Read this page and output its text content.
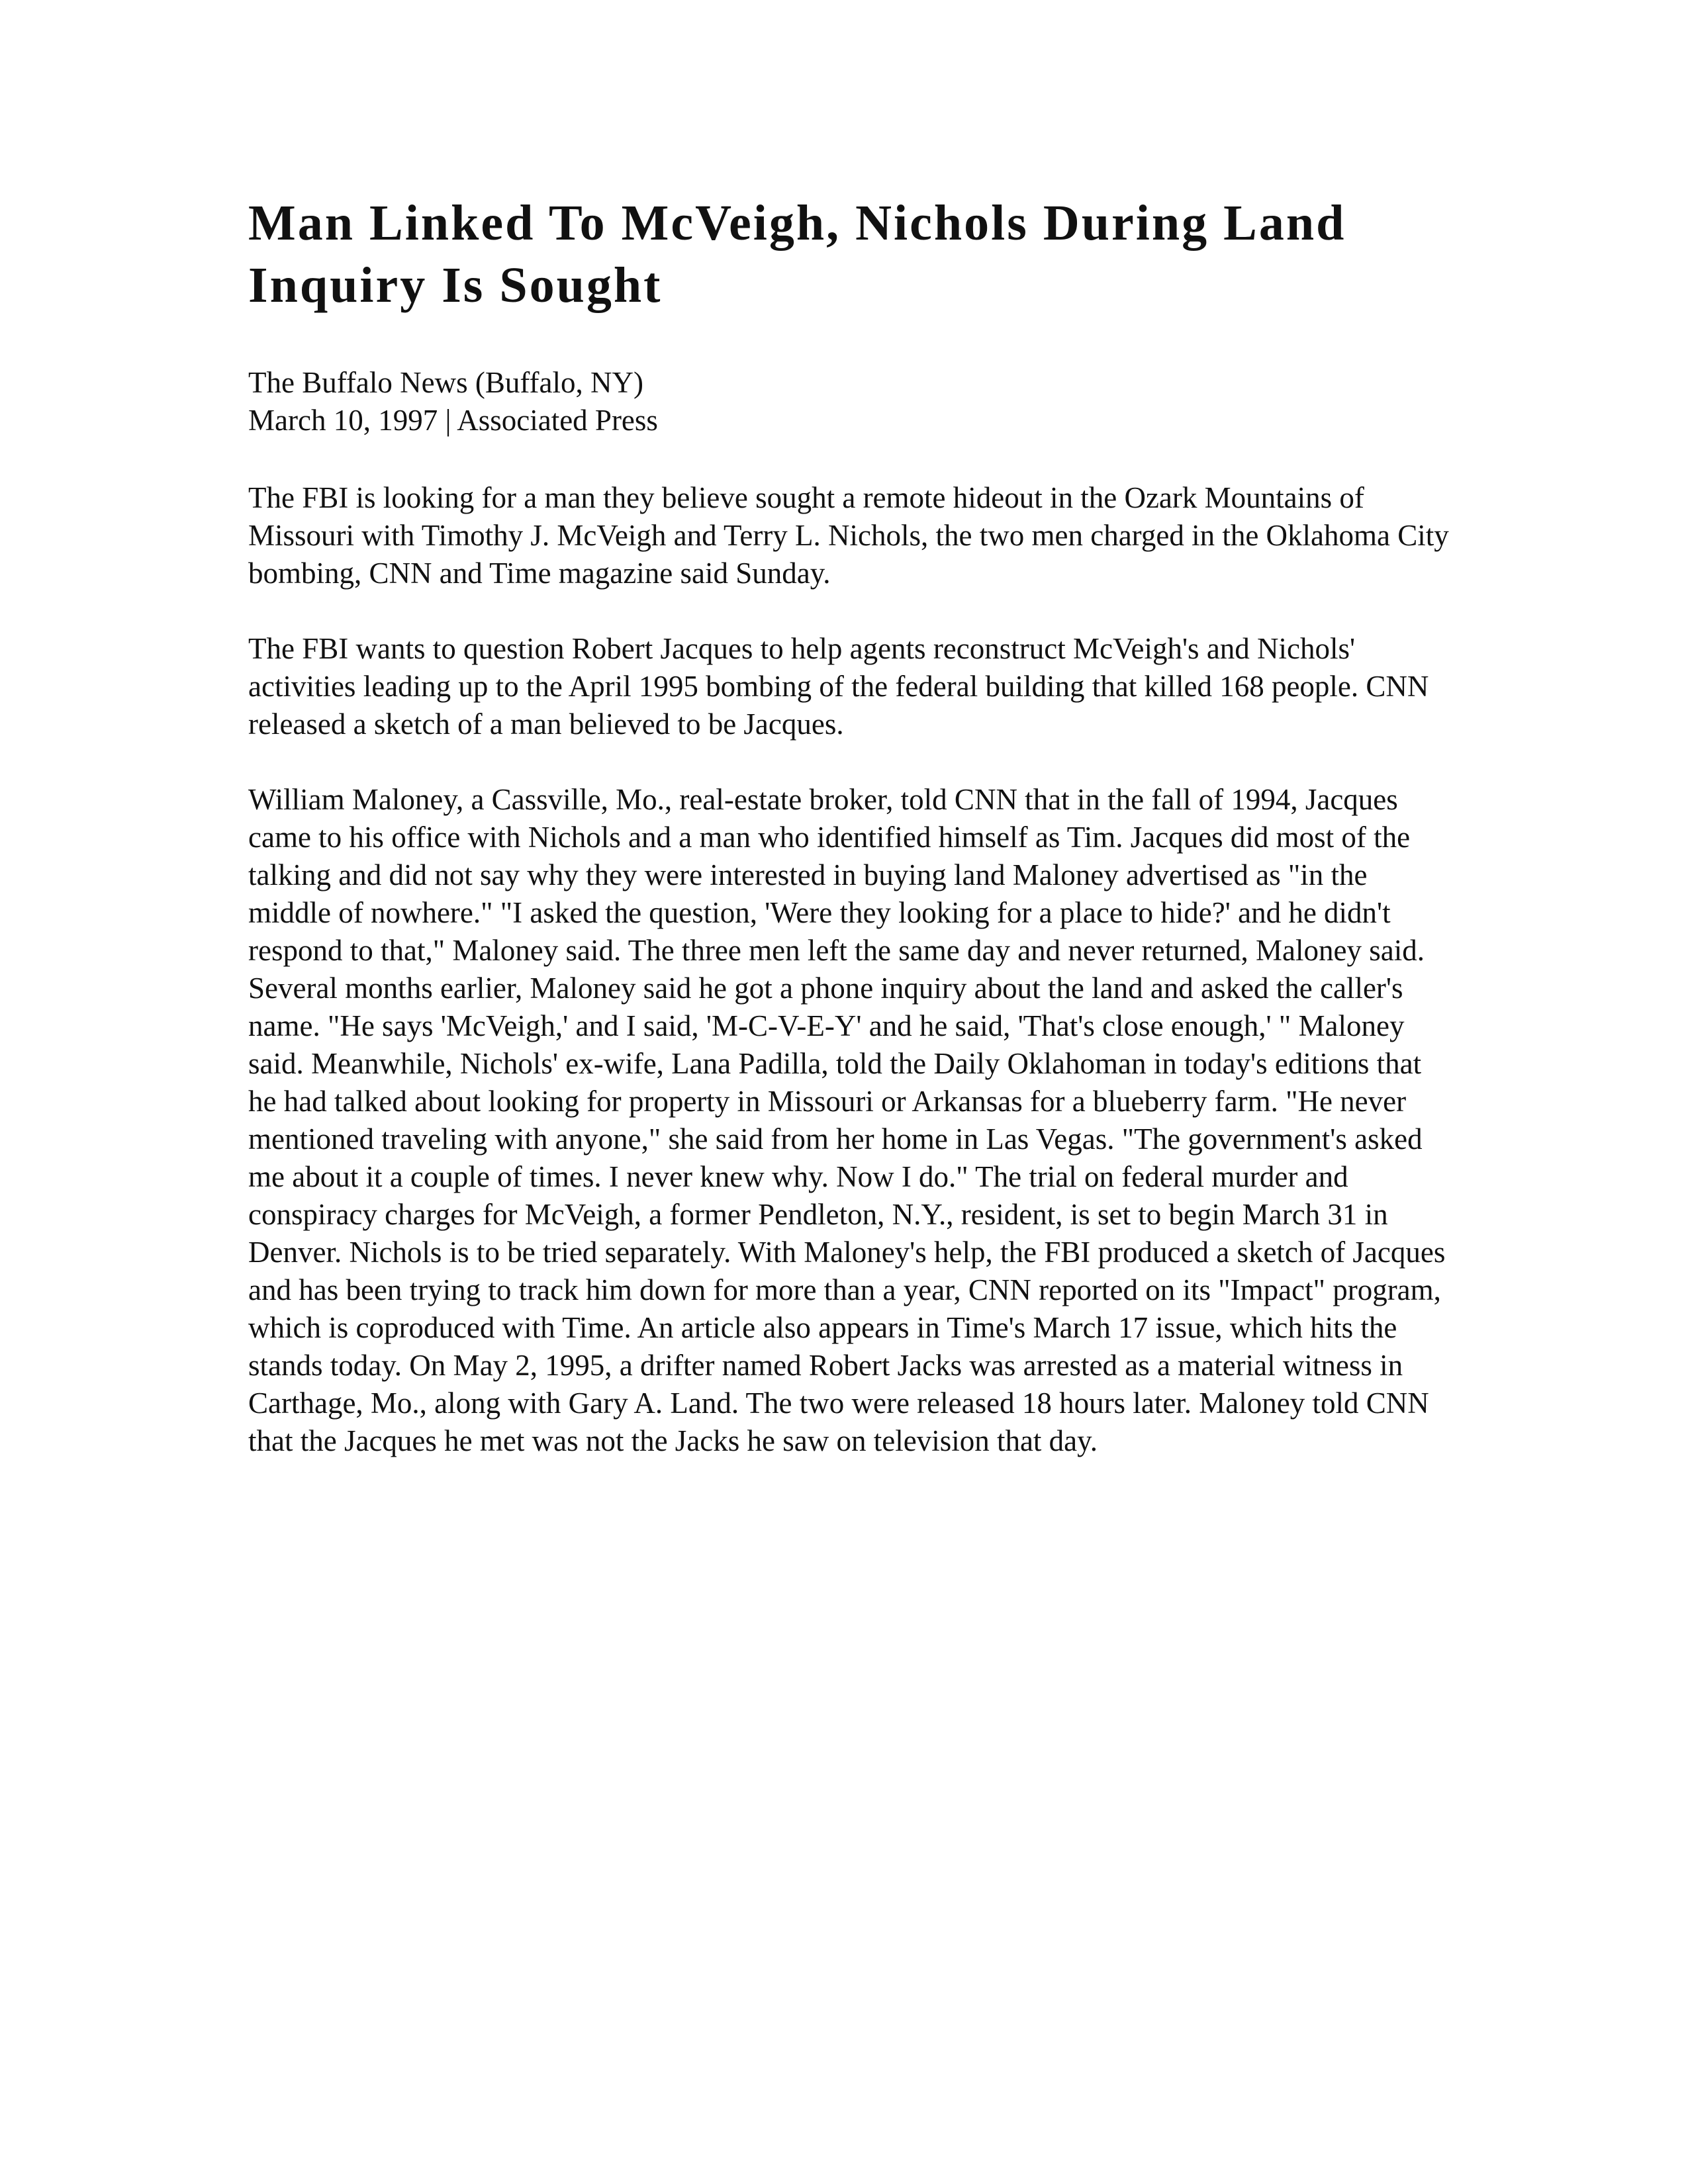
Man Linked To McVeigh, Nichols During Land Inquiry Is Sought
The Buffalo News (Buffalo, NY)
March 10, 1997 | Associated Press

The FBI is looking for a man they believe sought a remote hideout in the Ozark Mountains of Missouri with Timothy J. McVeigh and Terry L. Nichols, the two men charged in the Oklahoma City bombing, CNN and Time magazine said Sunday.

The FBI wants to question Robert Jacques to help agents reconstruct McVeigh's and Nichols' activities leading up to the April 1995 bombing of the federal building that killed 168 people. CNN released a sketch of a man believed to be Jacques.

William Maloney, a Cassville, Mo., real-estate broker, told CNN that in the fall of 1994, Jacques came to his office with Nichols and a man who identified himself as Tim. Jacques did most of the talking and did not say why they were interested in buying land Maloney advertised as "in the middle of nowhere." "I asked the question, 'Were they looking for a place to hide?' and he didn't respond to that," Maloney said. The three men left the same day and never returned, Maloney said. Several months earlier, Maloney said he got a phone inquiry about the land and asked the caller's name. "He says 'McVeigh,' and I said, 'M-C-V-E-Y' and he said, 'That's close enough,' " Maloney said. Meanwhile, Nichols' ex-wife, Lana Padilla, told the Daily Oklahoman in today's editions that he had talked about looking for property in Missouri or Arkansas for a blueberry farm. "He never mentioned traveling with anyone," she said from her home in Las Vegas. "The government's asked me about it a couple of times. I never knew why. Now I do." The trial on federal murder and conspiracy charges for McVeigh, a former Pendleton, N.Y., resident, is set to begin March 31 in Denver. Nichols is to be tried separately. With Maloney's help, the FBI produced a sketch of Jacques and has been trying to track him down for more than a year, CNN reported on its "Impact" program, which is coproduced with Time. An article also appears in Time's March 17 issue, which hits the stands today. On May 2, 1995, a drifter named Robert Jacks was arrested as a material witness in Carthage, Mo., along with Gary A. Land. The two were released 18 hours later. Maloney told CNN that the Jacques he met was not the Jacks he saw on television that day.
